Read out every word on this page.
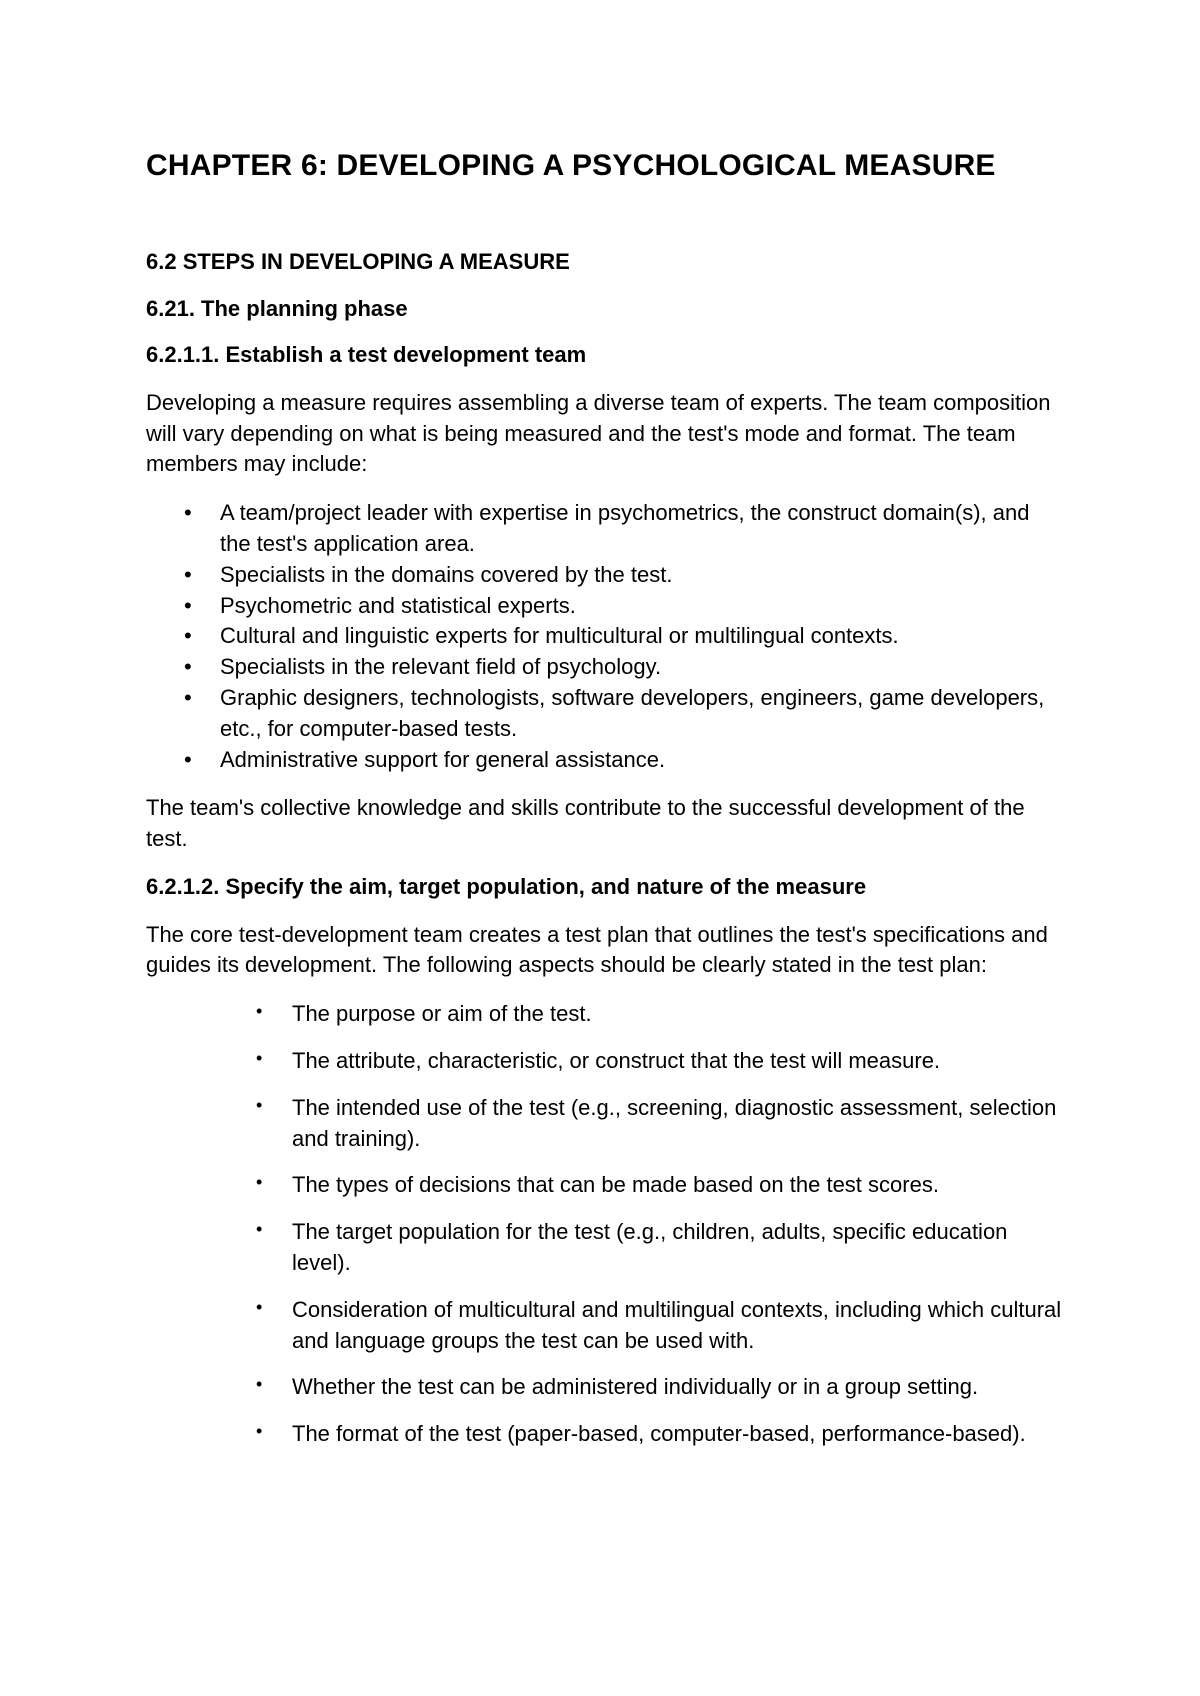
CHAPTER 6: DEVELOPING A PSYCHOLOGICAL MEASURE
6.2 STEPS IN DEVELOPING A MEASURE
6.21. The planning phase
6.2.1.1. Establish a test development team

Developing a measure requires assembling a diverse team of experts. The team composition will vary depending on what is being measured and the test's mode and format. The team members may include:

• A team/project leader with expertise in psychometrics, the construct domain(s), and the test's application area.
• Specialists in the domains covered by the test.
• Psychometric and statistical experts.
• Cultural and linguistic experts for multicultural or multilingual contexts.
• Specialists in the relevant field of psychology.
• Graphic designers, technologists, software developers, engineers, game developers, etc., for computer-based tests.
• Administrative support for general assistance.

The team's collective knowledge and skills contribute to the successful development of the test.

6.2.1.2. Specify the aim, target population, and nature of the measure

The core test-development team creates a test plan that outlines the test's specifications and guides its development. The following aspects should be clearly stated in the test plan:

• The purpose or aim of the test.
• The attribute, characteristic, or construct that the test will measure.
• The intended use of the test (e.g., screening, diagnostic assessment, selection and training).
• The types of decisions that can be made based on the test scores.
• The target population for the test (e.g., children, adults, specific education level).
• Consideration of multicultural and multilingual contexts, including which cultural and language groups the test can be used with.
• Whether the test can be administered individually or in a group setting.
• The format of the test (paper-based, computer-based, performance-based).
